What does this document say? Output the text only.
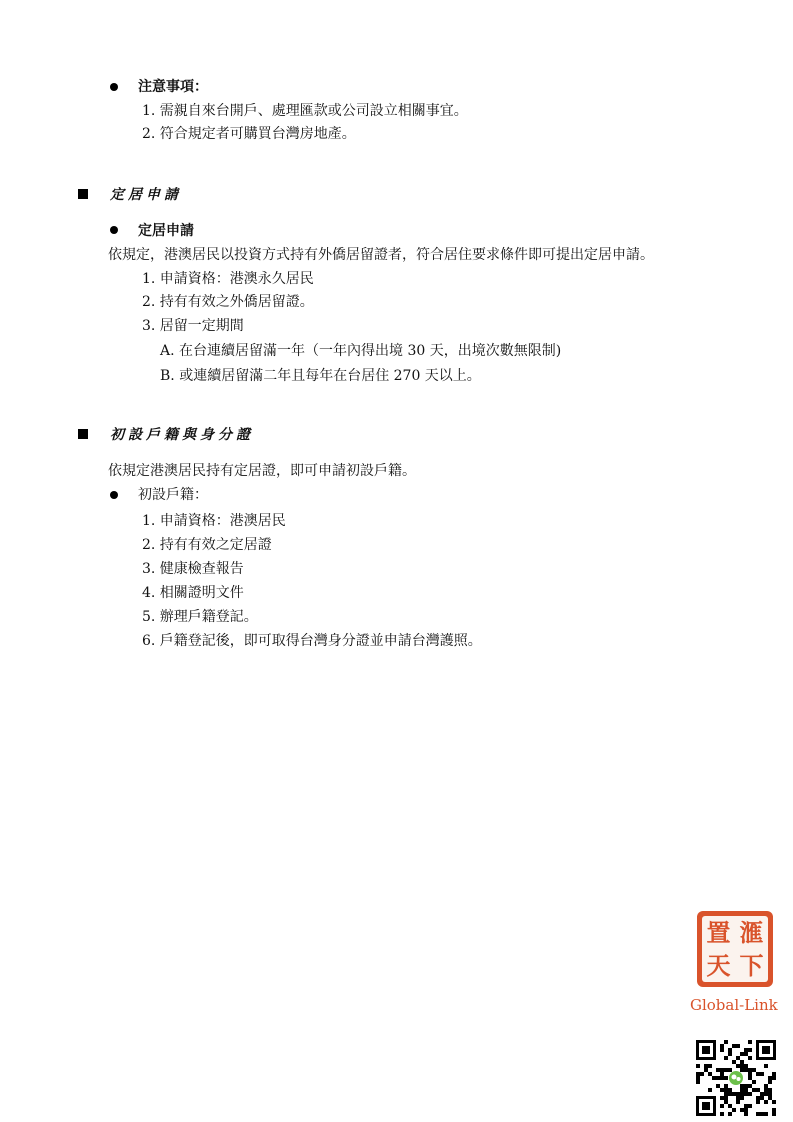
注意事項：
1. 需親自來台開戶、處理匯款或公司設立相關事宜。
2. 符合規定者可購買台灣房地產。
定居申請
定居申請
依規定，港澳居民以投資方式持有外僑居留證者，符合居住要求條件即可提出定居申請。
1. 申請資格：港澳永久居民
2. 持有有效之外僑居留證。
3. 居留一定期間
A. 在台連續居留滿一年（一年內得出境 30 天，出境次數無限制)
B. 或連續居留滿二年且每年在台居住 270 天以上。
初設戶籍與身分證
依規定港澳居民持有定居證，即可申請初設戶籍。
初設戶籍：
1. 申請資格：港澳居民
2. 持有有效之定居證
3. 健康檢查報告
4. 相關證明文件
5. 辦理戶籍登記。
6. 戶籍登記後，即可取得台灣身分證並申請台灣護照。
置 滙
天 下
Global-Link
